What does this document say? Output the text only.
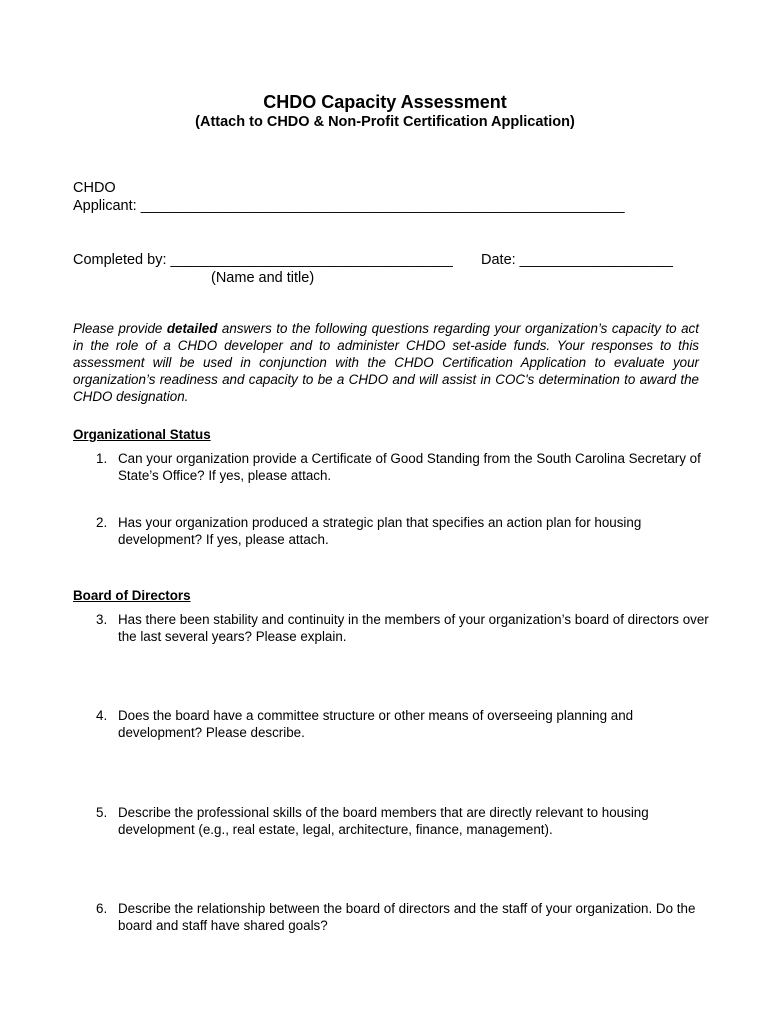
CHDO Capacity Assessment
(Attach to CHDO & Non-Profit Certification Application)
CHDO
Applicant: ____________________________________________________________
Completed by: ___________________________________ Date: ___________________
(Name and title)
Please provide detailed answers to the following questions regarding your organization’s capacity to act in the role of a CHDO developer and to administer CHDO set-aside funds. Your responses to this assessment will be used in conjunction with the CHDO Certification Application to evaluate your organization’s readiness and capacity to be a CHDO and will assist in COC's determination to award the CHDO designation.
Organizational Status
1. Can your organization provide a Certificate of Good Standing from the South Carolina Secretary of State’s Office? If yes, please attach.
2. Has your organization produced a strategic plan that specifies an action plan for housing development? If yes, please attach.
Board of Directors
3. Has there been stability and continuity in the members of your organization’s board of directors over the last several years? Please explain.
4. Does the board have a committee structure or other means of overseeing planning and development? Please describe.
5. Describe the professional skills of the board members that are directly relevant to housing development (e.g., real estate, legal, architecture, finance, management).
6. Describe the relationship between the board of directors and the staff of your organization. Do the board and staff have shared goals?
